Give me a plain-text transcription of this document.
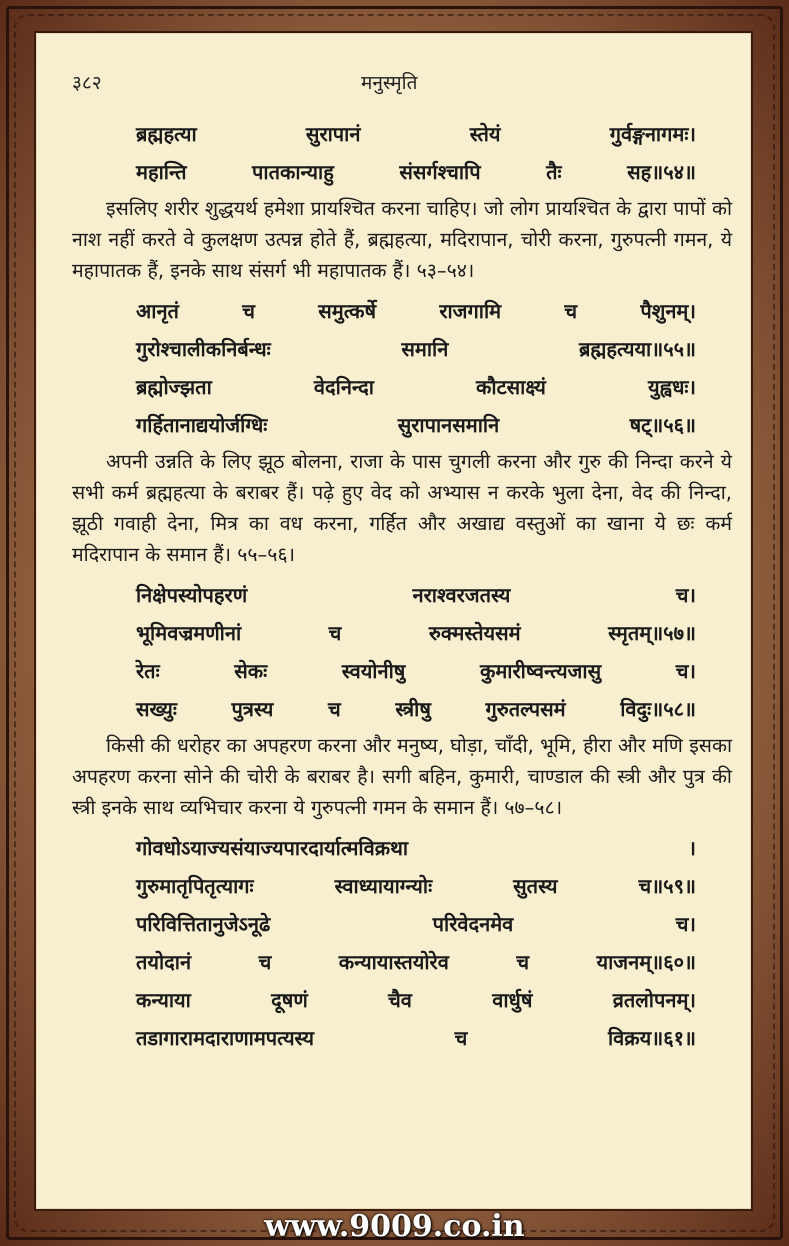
३८२	मनुस्मृति
ब्रह्महत्या	सुरापानं	स्तेयं	गुर्वङ्गनागमः।
महान्ति	पातकान्याहु	संसर्गश्चापि	तैः	सह॥५४॥

इसलिए शरीर शुद्धयर्थ हमेशा प्रायश्चित करना चाहिए। जो लोग प्रायश्चित के द्वारा पापों को नाश नहीं करते वे कुलक्षण उत्पन्न होते हैं, ब्रह्महत्या, मदिरापान, चोरी करना, गुरुपत्नी गमन, ये महापातक हैं, इनके साथ संसर्ग भी महापातक हैं। ५३–५४।

आनृतं	च	समुत्कर्षे	राजगामि	च	पैशुनम्।
गुरोश्चालीकनिर्बन्धः	समानि	ब्रह्महत्यया॥५५॥
ब्रह्मोज्झता	वेदनिन्दा	कौटसाक्ष्यं	युह्वधः।
गर्हितानाद्ययोर्जग्धिः	सुरापानसमानि	षट्॥५६॥

अपनी उन्नति के लिए झूठ बोलना, राजा के पास चुगली करना और गुरु की निन्दा करने ये सभी कर्म ब्रह्महत्या के बराबर हैं। पढ़े हुए वेद को अभ्यास न करके भुला देना, वेद की निन्दा, झूठी गवाही देना, मित्र का वध करना, गर्हित और अखाद्य वस्तुओं का खाना ये छः कर्म मदिरापान के समान हैं। ५५–५६।

निक्षेपस्योपहरणं	नराश्वरजतस्य	च।
भूमिवज्रमणीनां	च	रुक्मस्तेयसमं	स्मृतम्॥५७॥
रेतः	सेकः	स्वयोनीषु	कुमारीष्वन्त्यजासु	च।
सख्युः	पुत्रस्य	च	स्त्रीषु	गुरुतल्पसमं	विदुः॥५८॥

किसी की धरोहर का अपहरण करना और मनुष्य, घोड़ा, चाँदी, भूमि, हीरा और मणि इसका अपहरण करना सोने की चोरी के बराबर है। सगी बहिन, कुमारी, चाण्डाल की स्त्री और पुत्र की स्त्री इनके साथ व्यभिचार करना ये गुरुपत्नी गमन के समान हैं। ५७–५८।

गोवधोऽयाज्यसंयाज्यपारदार्यात्मविक्रथा	।
गुरुमातृपितृत्यागः	स्वाध्यायाग्न्योः	सुतस्य	च॥५९॥
परिवित्तितानुजेऽनूढे	परिवेदनमेव	च।
तयोदानं	च	कन्यायास्तयोरेव	च	याजनम्॥६०॥
कन्याया	दूषणं	चैव	वार्धुषं	व्रतलोपनम्।
तडागारामदाराणामपत्यस्य	च	विक्रय॥६१॥
www.9009.co.in
